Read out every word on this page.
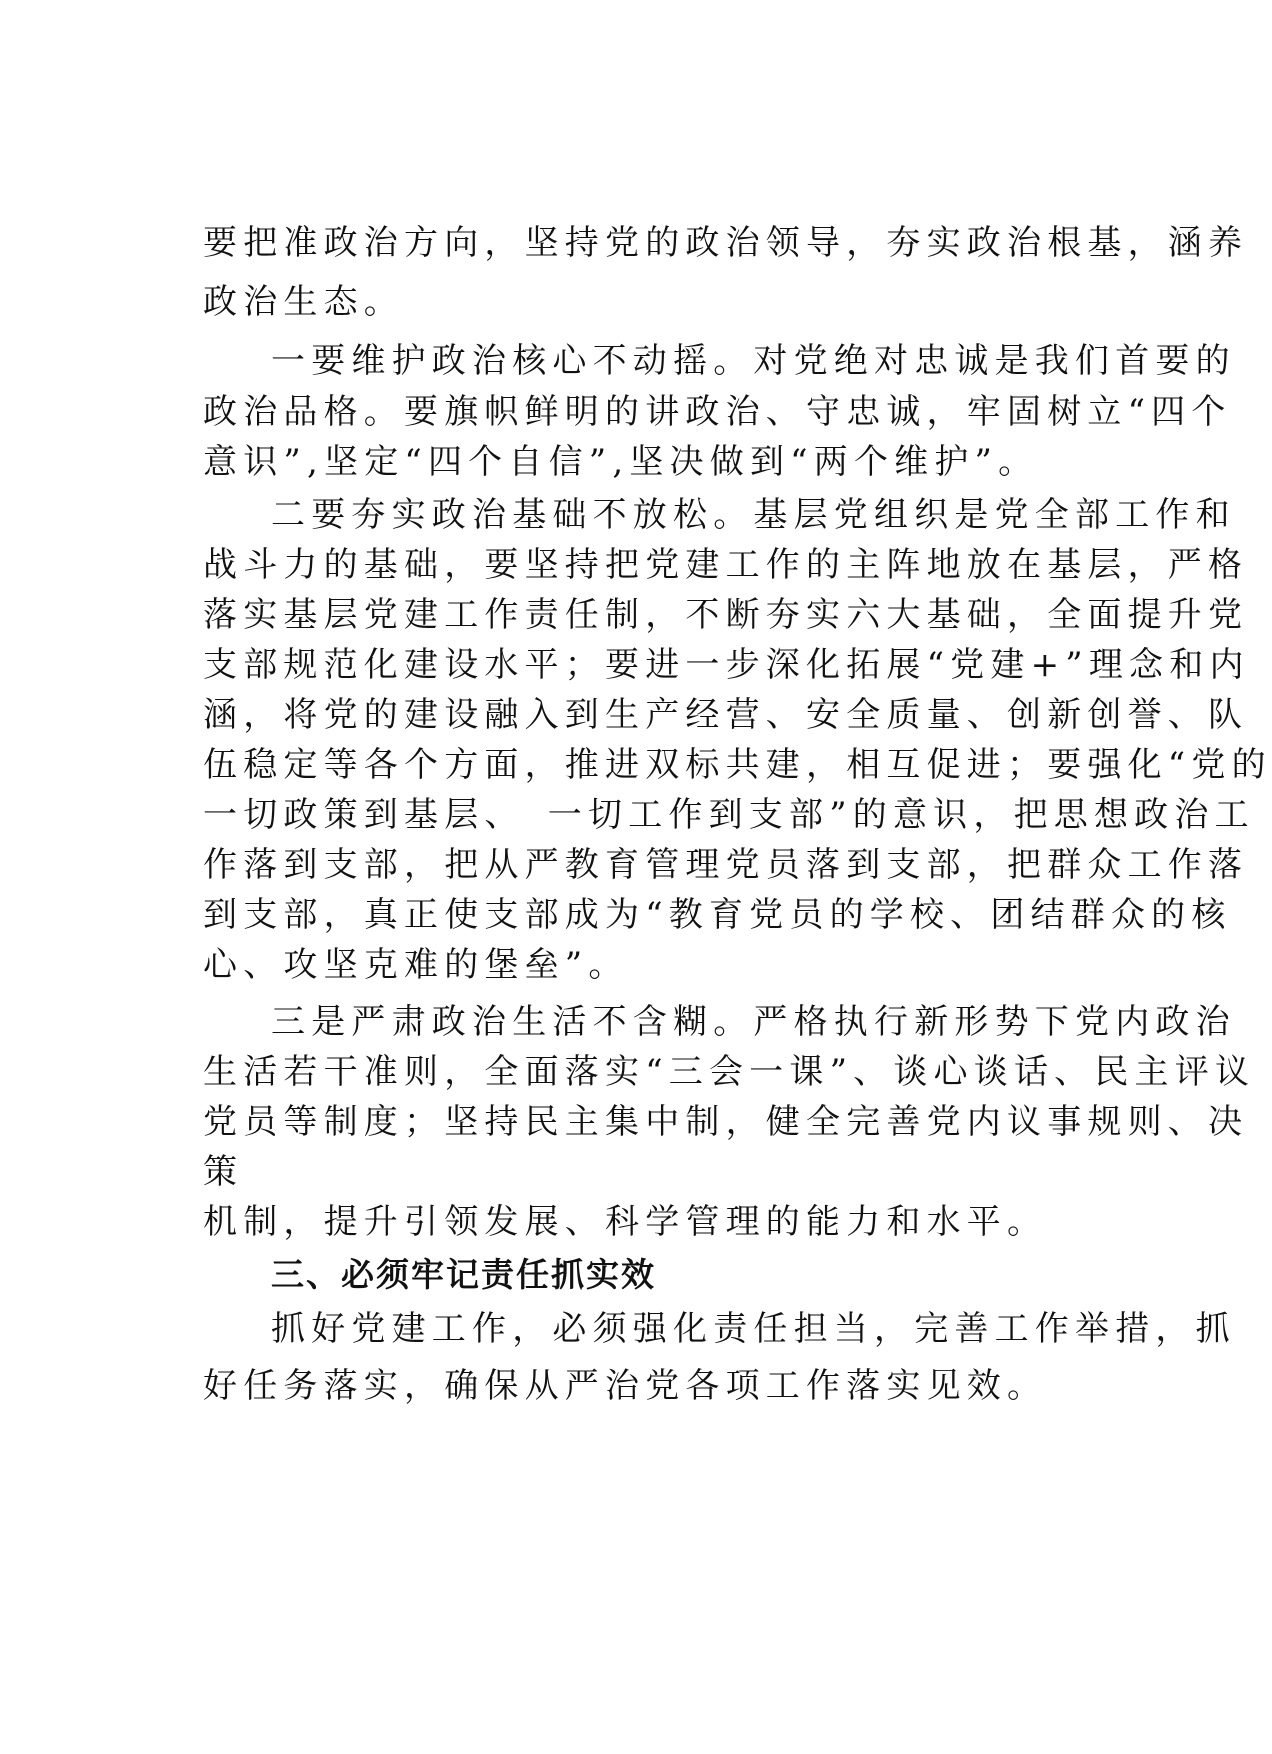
要把准政治方向，坚持党的政治领导，夯实政治根基，涵养
政治生态。
一要维护政治核心不动摇。对党绝对忠诚是我们首要的
政治品格。要旗帜鲜明的讲政治、守忠诚，牢固树立“四个
意识”,坚定“四个自信”,坚决做到“两个维护”。
二要夯实政治基础不放松。基层党组织是党全部工作和
战斗力的基础，要坚持把党建工作的主阵地放在基层，严格
落实基层党建工作责任制，不断夯实六大基础，全面提升党
支部规范化建设水平；要进一步深化拓展“党建+”理念和内
涵，将党的建设融入到生产经营、安全质量、创新创誉、队
伍稳定等各个方面，推进双标共建，相互促进；要强化“党的
一切政策到基层、　一切工作到支部”的意识，把思想政治工
作落到支部，把从严教育管理党员落到支部，把群众工作落
到支部，真正使支部成为“教育党员的学校、团结群众的核
心、攻坚克难的堡垒”。
三是严肃政治生活不含糊。严格执行新形势下党内政治
生活若干准则，全面落实“三会一课”、谈心谈话、民主评议
党员等制度；坚持民主集中制，健全完善党内议事规则、决
策
机制，提升引领发展、科学管理的能力和水平。
三、必须牢记责任抓实效
抓好党建工作，必须强化责任担当，完善工作举措，抓
好任务落实，确保从严治党各项工作落实见效。
